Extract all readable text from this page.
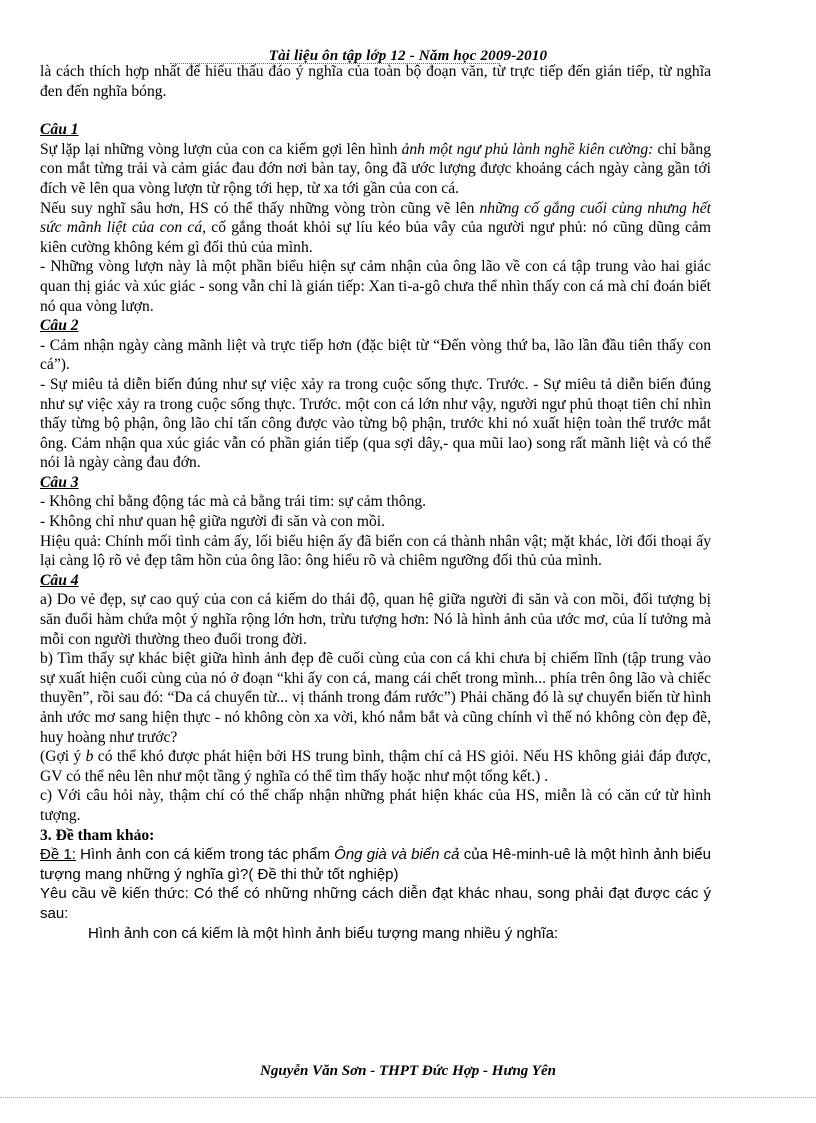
Tài liệu ôn tập lớp 12 - Năm học 2009-2010

là cách thích hợp nhất để hiểu thấu đáo ý nghĩa của toàn bộ đoạn văn, từ trực tiếp đến gián tiếp, từ nghĩa đen đến nghĩa bóng.

Câu 1

Sự lặp lại những vòng lượn của con ca kiếm gợi lên hình ảnh một ngư phủ lành nghề kiên cường: chỉ bằng con mắt từng trải và cảm giác đau đớn nơi bàn tay, ông đã ước lượng được khoảng cách ngày càng gần tới đích vẽ lên qua vòng lượn từ rộng tới hẹp, từ xa tới gần của con cá.

Nếu suy nghĩ sâu hơn, HS có thể thấy những vòng tròn cũng vẽ lên những cố gắng cuối cùng nhưng hết sức mãnh liệt của con cá, cố gắng thoát khỏi sự líu kéo bủa vây của người ngư phủ: nó cũng dũng cảm kiên cường không kém gì đối thủ của mình.

- Những vòng lượn này là một phần biểu hiện sự cảm nhận của ông lão về con cá tập trung vào hai giác quan thị giác và xúc giác - song vẫn chỉ là gián tiếp: Xan ti-a-gô chưa thể nhìn thấy con cá mà chỉ đoán biết nó qua vòng lượn.

Câu 2

- Cảm nhận ngày càng mãnh liệt và trực tiếp hơn (đặc biệt từ “Đến vòng thứ ba, lão lần đầu tiên thấy con cá”).

- Sự miêu tả diễn biến đúng như sự việc xảy ra trong cuộc sống thực. Trước. - Sự miêu tả diễn biến đúng như sự việc xảy ra trong cuộc sống thực. Trước. một con cá lớn như vậy, người ngư phủ thoạt tiên chỉ nhìn thấy từng bộ phận, ông lão chỉ tấn công được vào từng bộ phận, trước khi nó xuất hiện toàn thể trước mắt ông. Cảm nhận qua xúc giác vẫn có phần gián tiếp (qua sợi dây,- qua mũi lao) song rất mãnh liệt và có thể nói là ngày càng đau đớn.

Câu 3

- Không chỉ bằng động tác mà cả bằng trái tim: sự cảm thông.

- Không chỉ như quan hệ giữa người đi săn và con mồi.

Hiệu quả: Chính mối tình cảm ấy, lối biểu hiện ấy đã biến con cá thành nhân vật; mặt khác, lời đối thoại ấy lại càng lộ rõ vẻ đẹp tâm hồn của ông lão: ông hiểu rõ và chiêm ngưỡng đối thủ của mình.

Câu 4

a) Do vẻ đẹp, sự cao quý của con cá kiếm do thái độ, quan hệ giữa người đi săn và con mồi, đối tượng bị săn đuổi hàm chứa một ý nghĩa rộng lớn hơn, trừu tượng hơn: Nó là hình ảnh của ước mơ, của lí tưởng mà mỗi con người thường theo đuổi trong đời.

b) Tìm thấy sự khác biệt giữa hình ảnh đẹp đẽ cuối cùng của con cá khi chưa bị chiếm lĩnh (tập trung vào sự xuất hiện cuối cùng của nó ở đoạn “khi ấy con cá, mang cái chết trong mình... phía trên ông lão và chiếc thuyền”, rồi sau đó: “Da cá chuyển từ... vị thánh trong đám rước”) Phải chăng đó là sự chuyển biến từ hình ảnh ước mơ sang hiện thực - nó không còn xa vời, khó nắm bắt và cũng chính vì thế nó không còn đẹp đẽ, huy hoàng như trước?

(Gợi ý b có thể khó được phát hiện bởi HS trung bình, thậm chí cả HS giỏi. Nếu HS không giải đáp được, GV có thể nêu lên như một tầng ý nghĩa có thể tìm thấy hoặc như một tổng kết.) .

c) Với câu hỏi này, thậm chí có thể chấp nhận những phát hiện khác của HS, miễn là có căn cứ từ hình tượng.

3. Đề tham khảo:

Đề 1: Hình ảnh con cá kiếm trong tác phẩm Ông già và biển cả của Hê-minh-uê là một hình ảnh biểu tượng mang những ý nghĩa gì?( Đề thi thử tốt nghiệp)

Yêu cầu về kiến thức: Có thể có những những cách diễn đạt khác nhau, song phải đạt được các ý sau:

Hình ảnh con cá kiếm là một hình ảnh biểu tượng mang nhiều ý nghĩa:

Nguyễn Văn Sơn - THPT Đức Hợp - Hưng Yên
